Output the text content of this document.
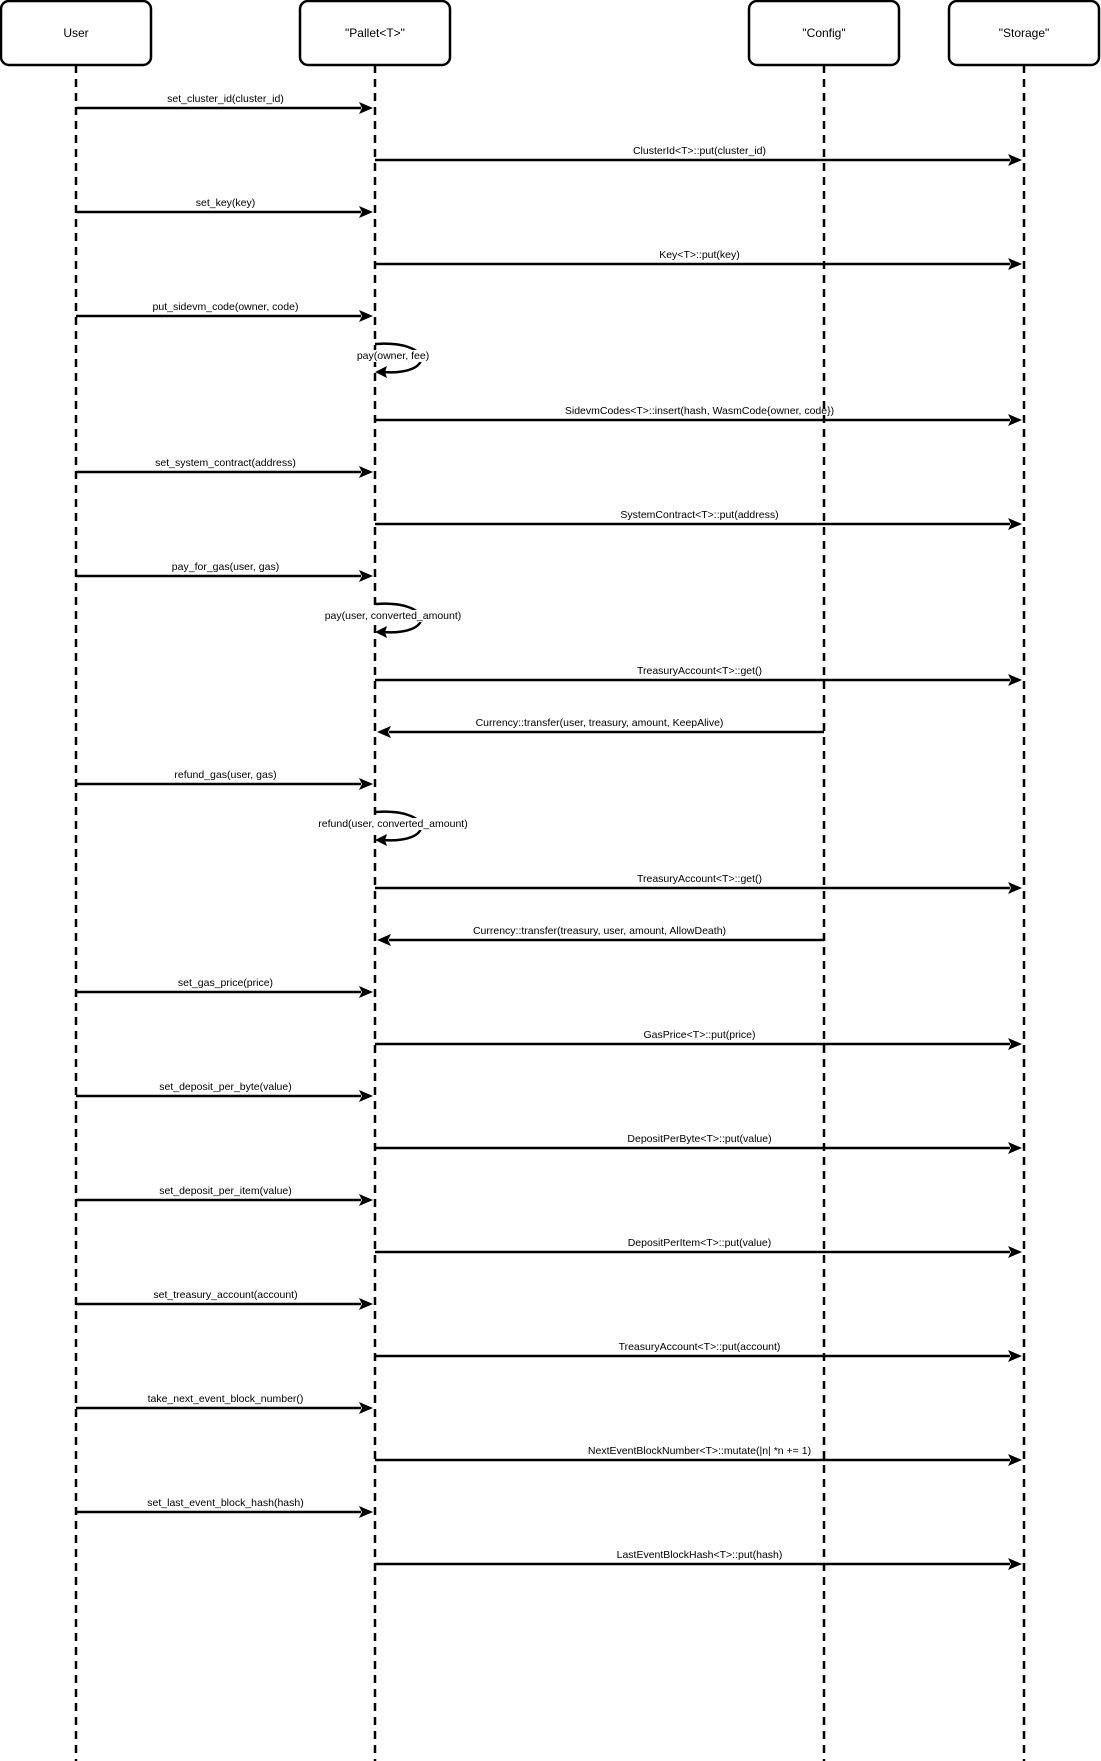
User	"Pallet<T>"	"Config"	"Storage"
set_cluster_id(cluster_id)
ClusterId<T>::put(cluster_id)
set_key(key)
Key<T>::put(key)
put_sidevm_code(owner, code)
pay(owner, fee)
SidevmCodes<T>::insert(hash, WasmCode{owner, code})
set_system_contract(address)
SystemContract<T>::put(address)
pay_for_gas(user, gas)
pay(user, converted_amount)
TreasuryAccount<T>::get()
Currency::transfer(user, treasury, amount, KeepAlive)
refund_gas(user, gas)
refund(user, converted_amount)
TreasuryAccount<T>::get()
Currency::transfer(treasury, user, amount, AllowDeath)
set_gas_price(price)
GasPrice<T>::put(price)
set_deposit_per_byte(value)
DepositPerByte<T>::put(value)
set_deposit_per_item(value)
DepositPerItem<T>::put(value)
set_treasury_account(account)
TreasuryAccount<T>::put(account)
take_next_event_block_number()
NextEventBlockNumber<T>::mutate(|n| *n += 1)
set_last_event_block_hash(hash)
LastEventBlockHash<T>::put(hash)
